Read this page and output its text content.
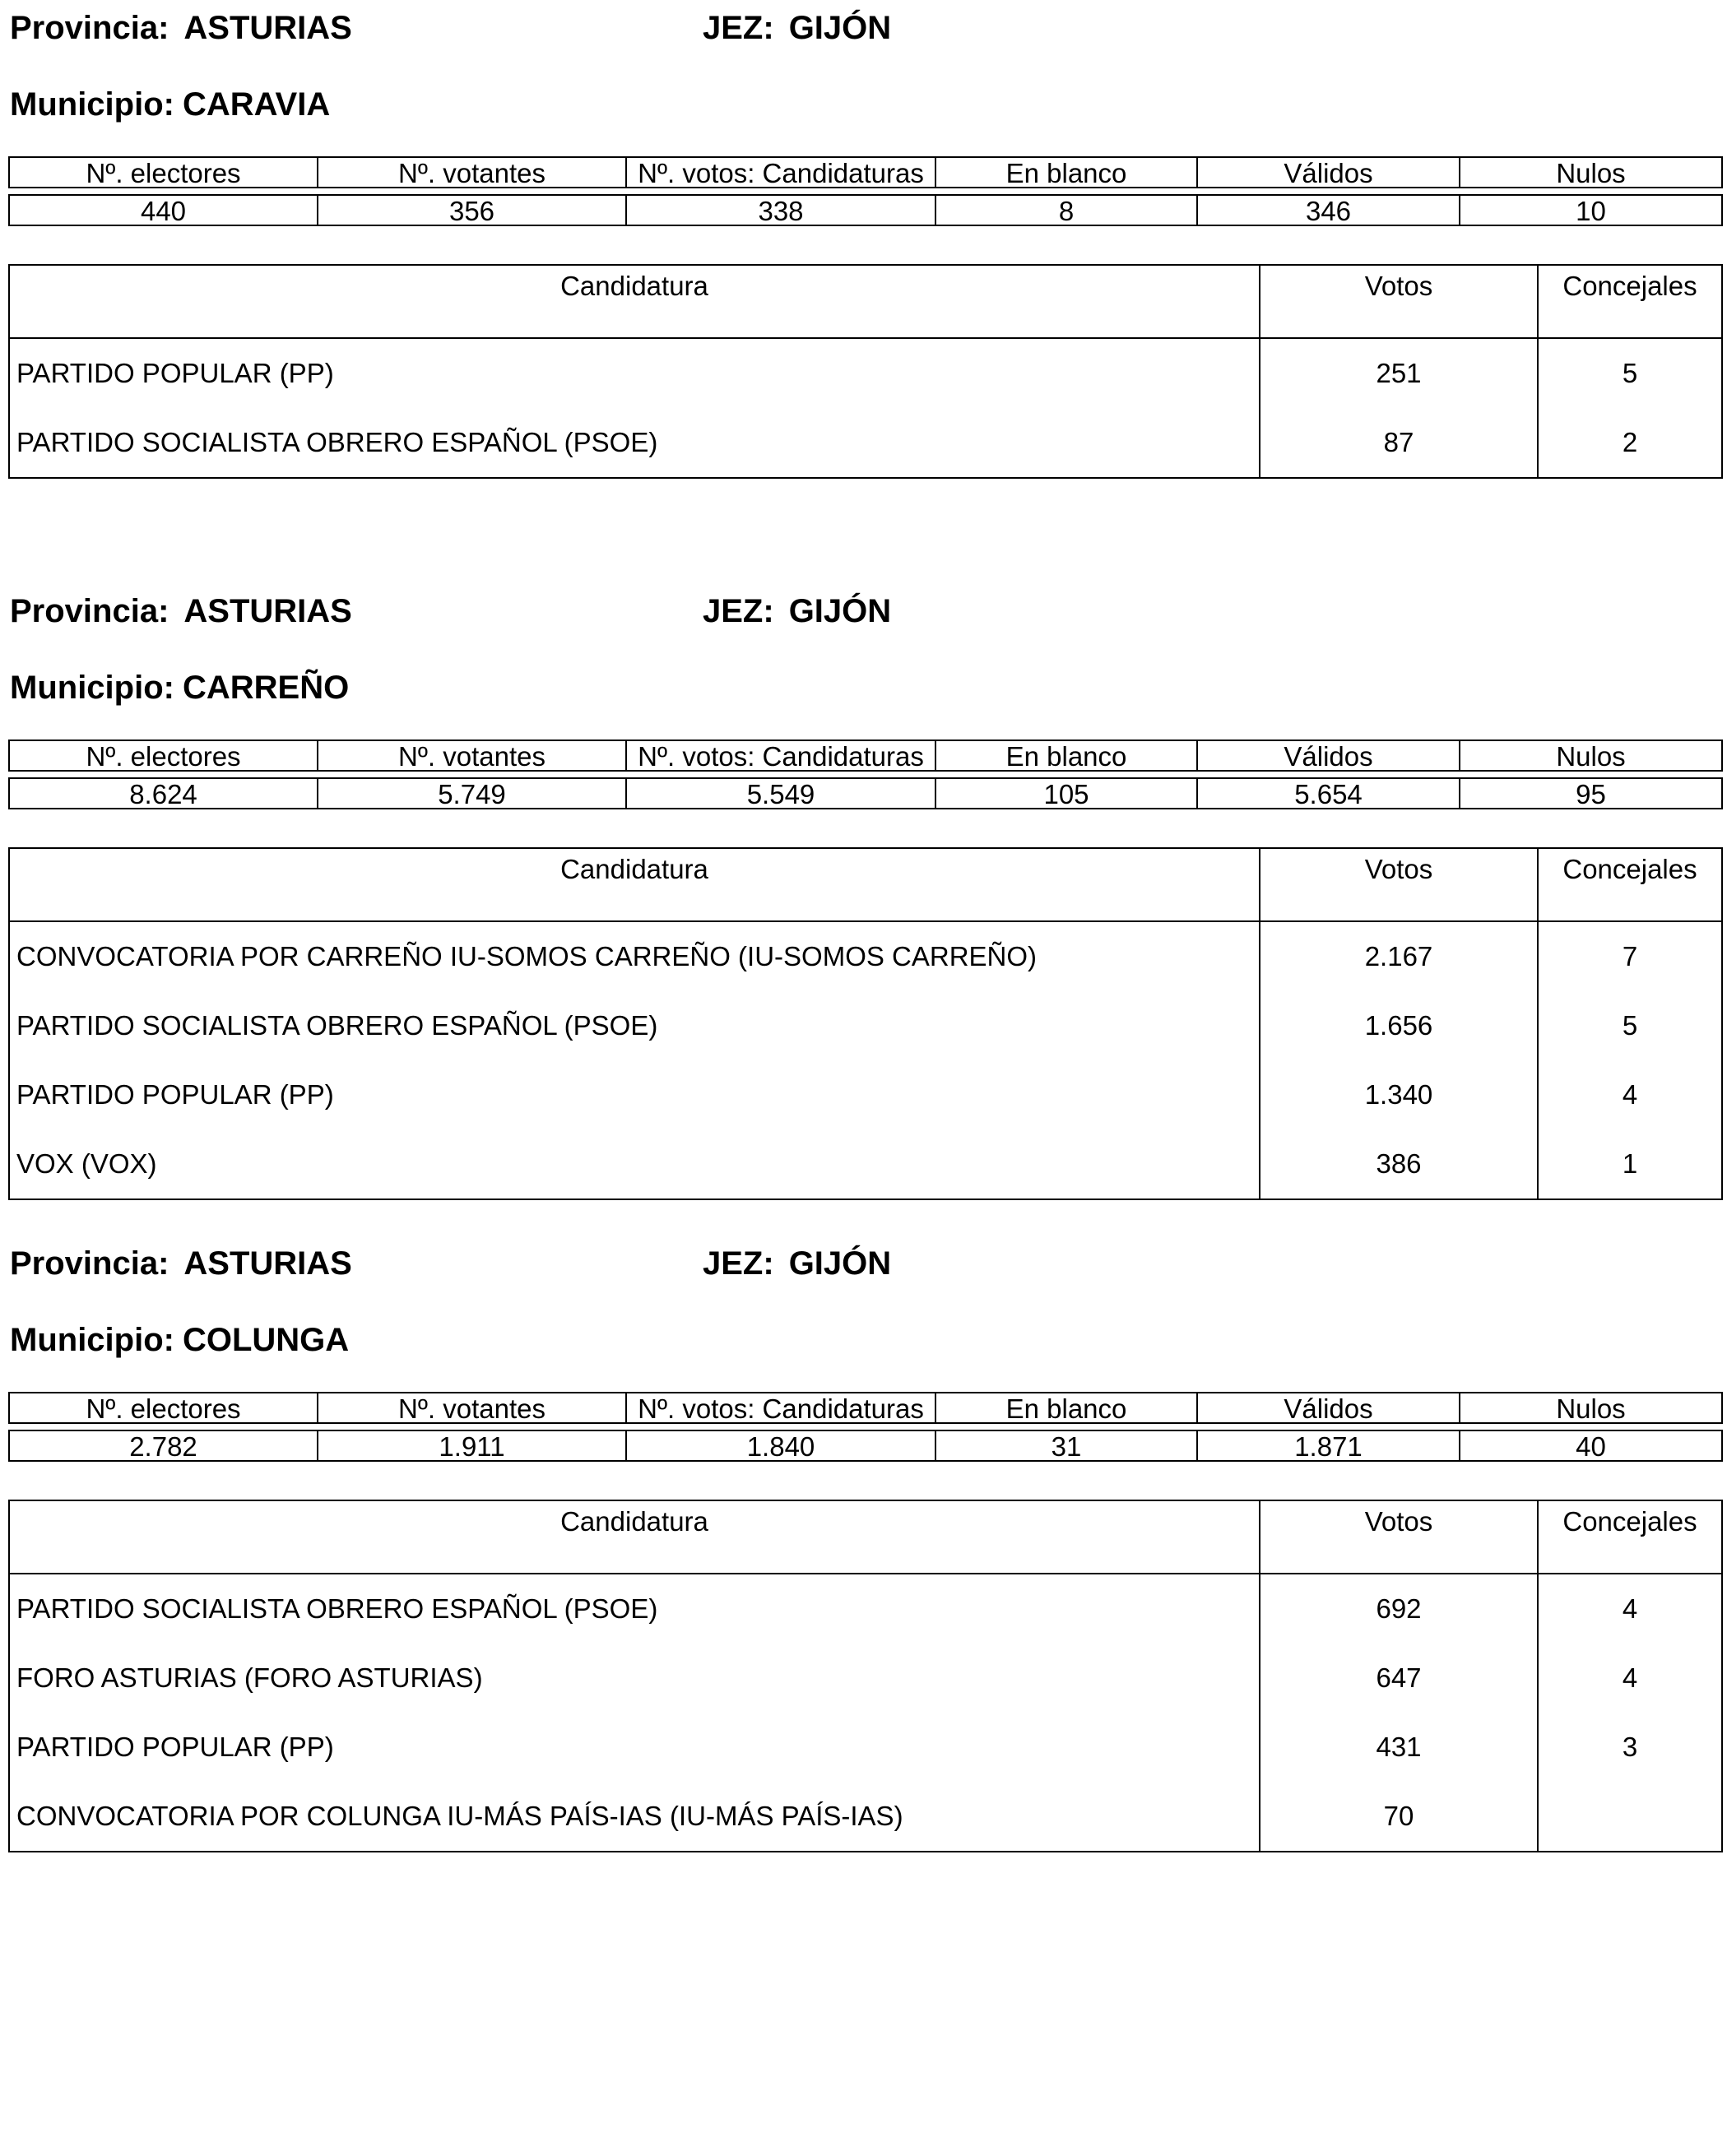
Provincia: ASTURIAS	JEZ: GIJÓN
Municipio: CARAVIA
Nº. electores	Nº. votantes	Nº. votos: Candidaturas	En blanco	Válidos	Nulos

440	356	338	8	346	10
Candidatura	Votos	Concejales
PARTIDO POPULAR (PP)	251	5
PARTIDO SOCIALISTA OBRERO ESPAÑOL (PSOE)	87	2
Provincia: ASTURIAS	JEZ: GIJÓN
Municipio: CARREÑO
Nº. electores	Nº. votantes	Nº. votos: Candidaturas	En blanco	Válidos	Nulos

8.624	5.749	5.549	105	5.654	95
Candidatura	Votos	Concejales
CONVOCATORIA POR CARREÑO IU-SOMOS CARREÑO (IU-SOMOS CARREÑO)	2.167	7
PARTIDO SOCIALISTA OBRERO ESPAÑOL (PSOE)	1.656	5
PARTIDO POPULAR (PP)	1.340	4
VOX (VOX)	386	1
Provincia: ASTURIAS	JEZ: GIJÓN
Municipio: COLUNGA
Nº. electores	Nº. votantes	Nº. votos: Candidaturas	En blanco	Válidos	Nulos

2.782	1.911	1.840	31	1.871	40
Candidatura	Votos	Concejales
PARTIDO SOCIALISTA OBRERO ESPAÑOL (PSOE)	692	4
FORO ASTURIAS (FORO ASTURIAS)	647	4
PARTIDO POPULAR (PP)	431	3
CONVOCATORIA POR COLUNGA IU-MÁS PAÍS-IAS (IU-MÁS PAÍS-IAS)	70	
